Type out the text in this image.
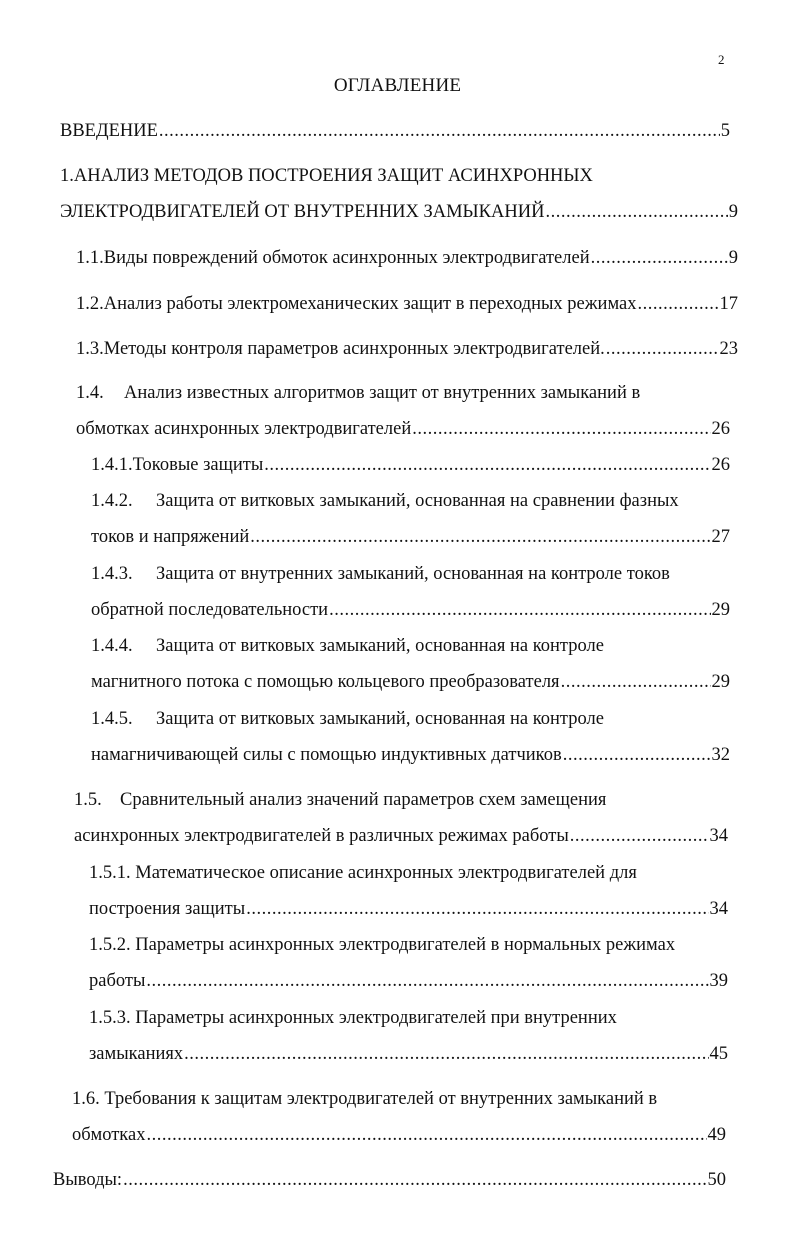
2
ОГЛАВЛЕНИЕ
ВВЕДЕНИЕ .....	5
1.АНАЛИЗ МЕТОДОВ ПОСТРОЕНИЯ ЗАЩИТ АСИНХРОННЫХ
ЭЛЕКТРОДВИГАТЕЛЕЙ ОТ ВНУТРЕННИХ ЗАМЫКАНИЙ .....	9
1.1. Виды повреждений обмоток асинхронных электродвигателей .....	9
1.2. Анализ работы электромеханических защит в переходных режимах .....	17
1.3. Методы контроля параметров асинхронных электродвигателей. .....	23
1.4.	Анализ известных алгоритмов защит от внутренних замыканий в
обмотках асинхронных электродвигателей .....	26
1.4.1. Токовые защиты .....	26
1.4.2.	Защита от витковых замыканий, основанная на сравнении фазных
токов и напряжений .....	27
1.4.3.	Защита от внутренних замыканий, основанная на контроле токов
обратной последовательности .....	29
1.4.4.	Защита от витковых замыканий, основанная на контроле
магнитного потока с помощью кольцевого преобразователя .....	29
1.4.5.	Защита от витковых замыканий, основанная на контроле
намагничивающей силы с помощью индуктивных датчиков .....	32
1.5. Сравнительный анализ значений параметров схем замещения
асинхронных электродвигателей в различных режимах работы .....	34
1.5.1. Математическое описание асинхронных электродвигателей для
построения защиты .....	34
1.5.2. Параметры асинхронных электродвигателей в нормальных режимах
работы .....	39
1.5.3. Параметры асинхронных электродвигателей при внутренних
замыканиях .....	45
1.6. Требования к защитам электродвигателей от внутренних замыканий в
обмотках .....	49
Выводы: .....	50
